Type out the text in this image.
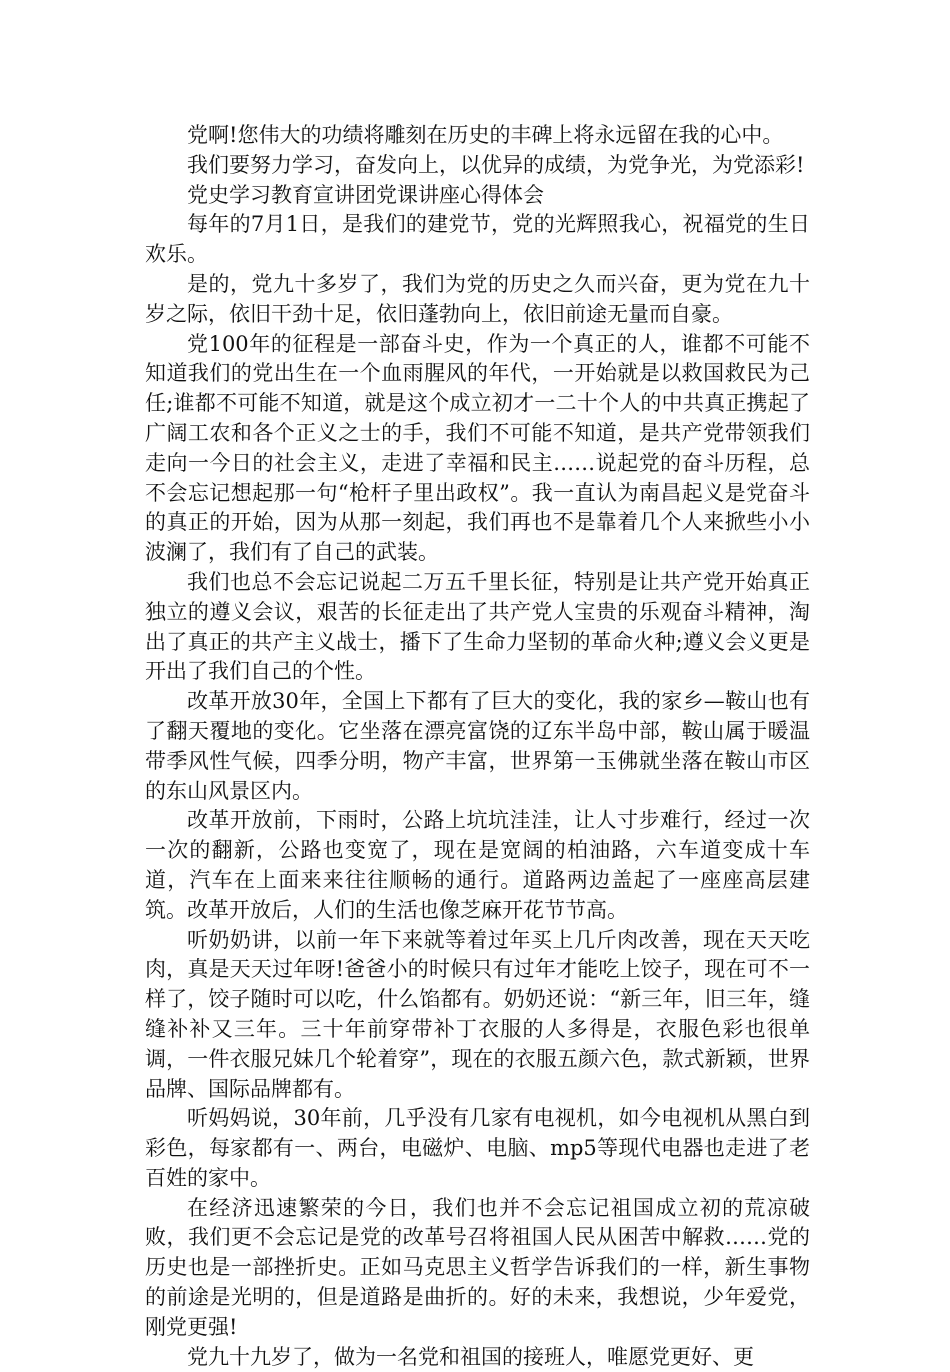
党啊!您伟大的功绩将雕刻在历史的丰碑上将永远留在我的心中。

我们要努力学习，奋发向上，以优异的成绩，为党争光，为党添彩!

党史学习教育宣讲团党课讲座心得体会

每年的7月1日，是我们的建党节，党的光辉照我心，祝福党的生日欢乐。

是的，党九十多岁了，我们为党的历史之久而兴奋，更为党在九十岁之际，依旧干劲十足，依旧蓬勃向上，依旧前途无量而自豪。

党100年的征程是一部奋斗史，作为一个真正的人，谁都不可能不知道我们的党出生在一个血雨腥风的年代，一开始就是以救国救民为己任;谁都不可能不知道，就是这个成立初才一二十个人的中共真正携起了广阔工农和各个正义之士的手，我们不可能不知道，是共产党带领我们走向一今日的社会主义，走进了幸福和民主……说起党的奋斗历程，总不会忘记想起那一句“枪杆子里出政权”。我一直认为南昌起义是党奋斗的真正的开始，因为从那一刻起，我们再也不是靠着几个人来掀些小小波澜了，我们有了自己的武装。

我们也总不会忘记说起二万五千里长征，特别是让共产党开始真正独立的遵义会议，艰苦的长征走出了共产党人宝贵的乐观奋斗精神，淘出了真正的共产主义战士，播下了生命力坚韧的革命火种;遵义会义更是开出了我们自己的个性。

改革开放30年，全国上下都有了巨大的变化，我的家乡—鞍山也有了翻天覆地的变化。它坐落在漂亮富饶的辽东半岛中部，鞍山属于暖温带季风性气候，四季分明，物产丰富，世界第一玉佛就坐落在鞍山市区的东山风景区内。

改革开放前，下雨时，公路上坑坑洼洼，让人寸步难行，经过一次一次的翻新，公路也变宽了，现在是宽阔的柏油路，六车道变成十车道，汽车在上面来来往往顺畅的通行。道路两边盖起了一座座高层建筑。改革开放后，人们的生活也像芝麻开花节节高。

听奶奶讲，以前一年下来就等着过年买上几斤肉改善，现在天天吃肉，真是天天过年呀!爸爸小的时候只有过年才能吃上饺子，现在可不一样了，饺子随时可以吃，什么馅都有。奶奶还说：“新三年，旧三年，缝缝补补又三年。三十年前穿带补丁衣服的人多得是，衣服色彩也很单调，一件衣服兄妹几个轮着穿”，现在的衣服五颜六色，款式新颖，世界品牌、国际品牌都有。

听妈妈说，30年前，几乎没有几家有电视机，如今电视机从黑白到彩色，每家都有一、两台，电磁炉、电脑、mp5等现代电器也走进了老百姓的家中。

在经济迅速繁荣的今日，我们也并不会忘记祖国成立初的荒凉破败，我们更不会忘记是党的改革号召将祖国人民从困苦中解救……党的历史也是一部挫折史。正如马克思主义哲学告诉我们的一样，新生事物的前途是光明的，但是道路是曲折的。好的未来，我想说，少年爱党，刚党更强!

党九十九岁了，做为一名党和祖国的接班人，唯愿党更好、更
